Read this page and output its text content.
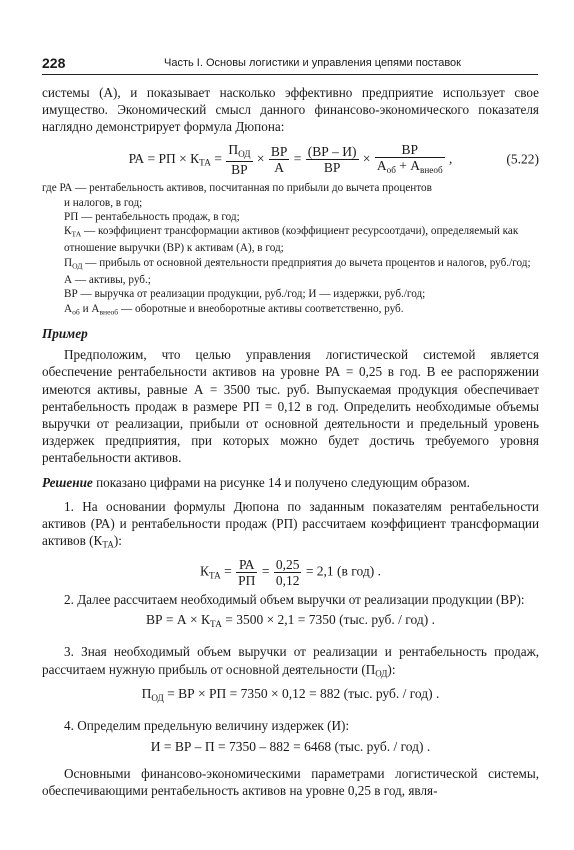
228	Часть I. Основы логистики и управления цепями поставок

системы (А), и показывает насколько эффективно предприятие использует свое имущество. Экономический смысл данного финансово-экономического показателя наглядно демонстрирует формула Дюпона:

РА = РП × $К_{ТА} = \frac{П_{ОД}}{ВР} \times \frac{ВР}{А} = \frac{(ВР - И)}{ВР} \times \frac{ВР}{А_{об} + А_{внеоб}}$ ,	(5.22)
где РА — рентабельность активов, посчитанная по прибыли до вычета процентов
и налогов, в год;
РП — рентабельность продаж, в год;
$К_{ТА}$ — коэффициент трансформации активов (коэффициент ресурсоотдачи), определяемый как отношение выручки (ВР) к активам (А), в год;
$П_{ОД}$ — прибыль от основной деятельности предприятия до вычета процентов и налогов, руб./год; А — активы, руб.;
ВР — выручка от реализации продукции, руб./год; И — издержки, руб./год;
$А_{об}$ и $А_{внеоб}$ — оборотные и внеоборотные активы соответственно, руб.
Пример

Предположим, что целью управления логистической системой является обеспечение рентабельности активов на уровне РА = 0,25 в год. В ее распоряжении имеются активы, равные А = 3500 тыс. руб. Выпускаемая продукция обеспечивает рентабельность продаж в размере РП = 0,12 в год. Определить необходимые объемы выручки от реализации, прибыли от основной деятельности и предельный уровень издержек предприятия, при которых можно будет достичь требуемого уровня рентабельности активов.

Решение показано цифрами на рисунке 14 и получено следующим образом.

1. На основании формулы Дюпона по заданным показателям рентабельности активов (РА) и рентабельности продаж (РП) рассчитаем коэффициент трансформации активов $(К_{ТА})$:

$К_{ТА} = \frac{РА}{РП} = \frac{0,25}{0,12} = 2,1$ (в год) .

2. Далее рассчитаем необходимый объем выручки от реализации продукции (ВР):

ВР = $А \times К_{ТА} = 3500 \times 2,1 = 7350$ (тыс. руб. / год) .

3. Зная необходимый объем выручки от реализации и рентабельность продаж, рассчитаем нужную прибыль от основной деятельности $(П_{ОД})$:

$П_{ОД}$ = ВР × РП = 7350 × 0,12 = 882 (тыс. руб. / год) .

4. Определим предельную величину издержек (И):

И = ВР – П = 7350 – 882 = 6468 (тыс. руб. / год) .

Основными финансово-экономическими параметрами логистической системы, обеспечивающими рентабельность активов на уровне 0,25 в год, явля-
